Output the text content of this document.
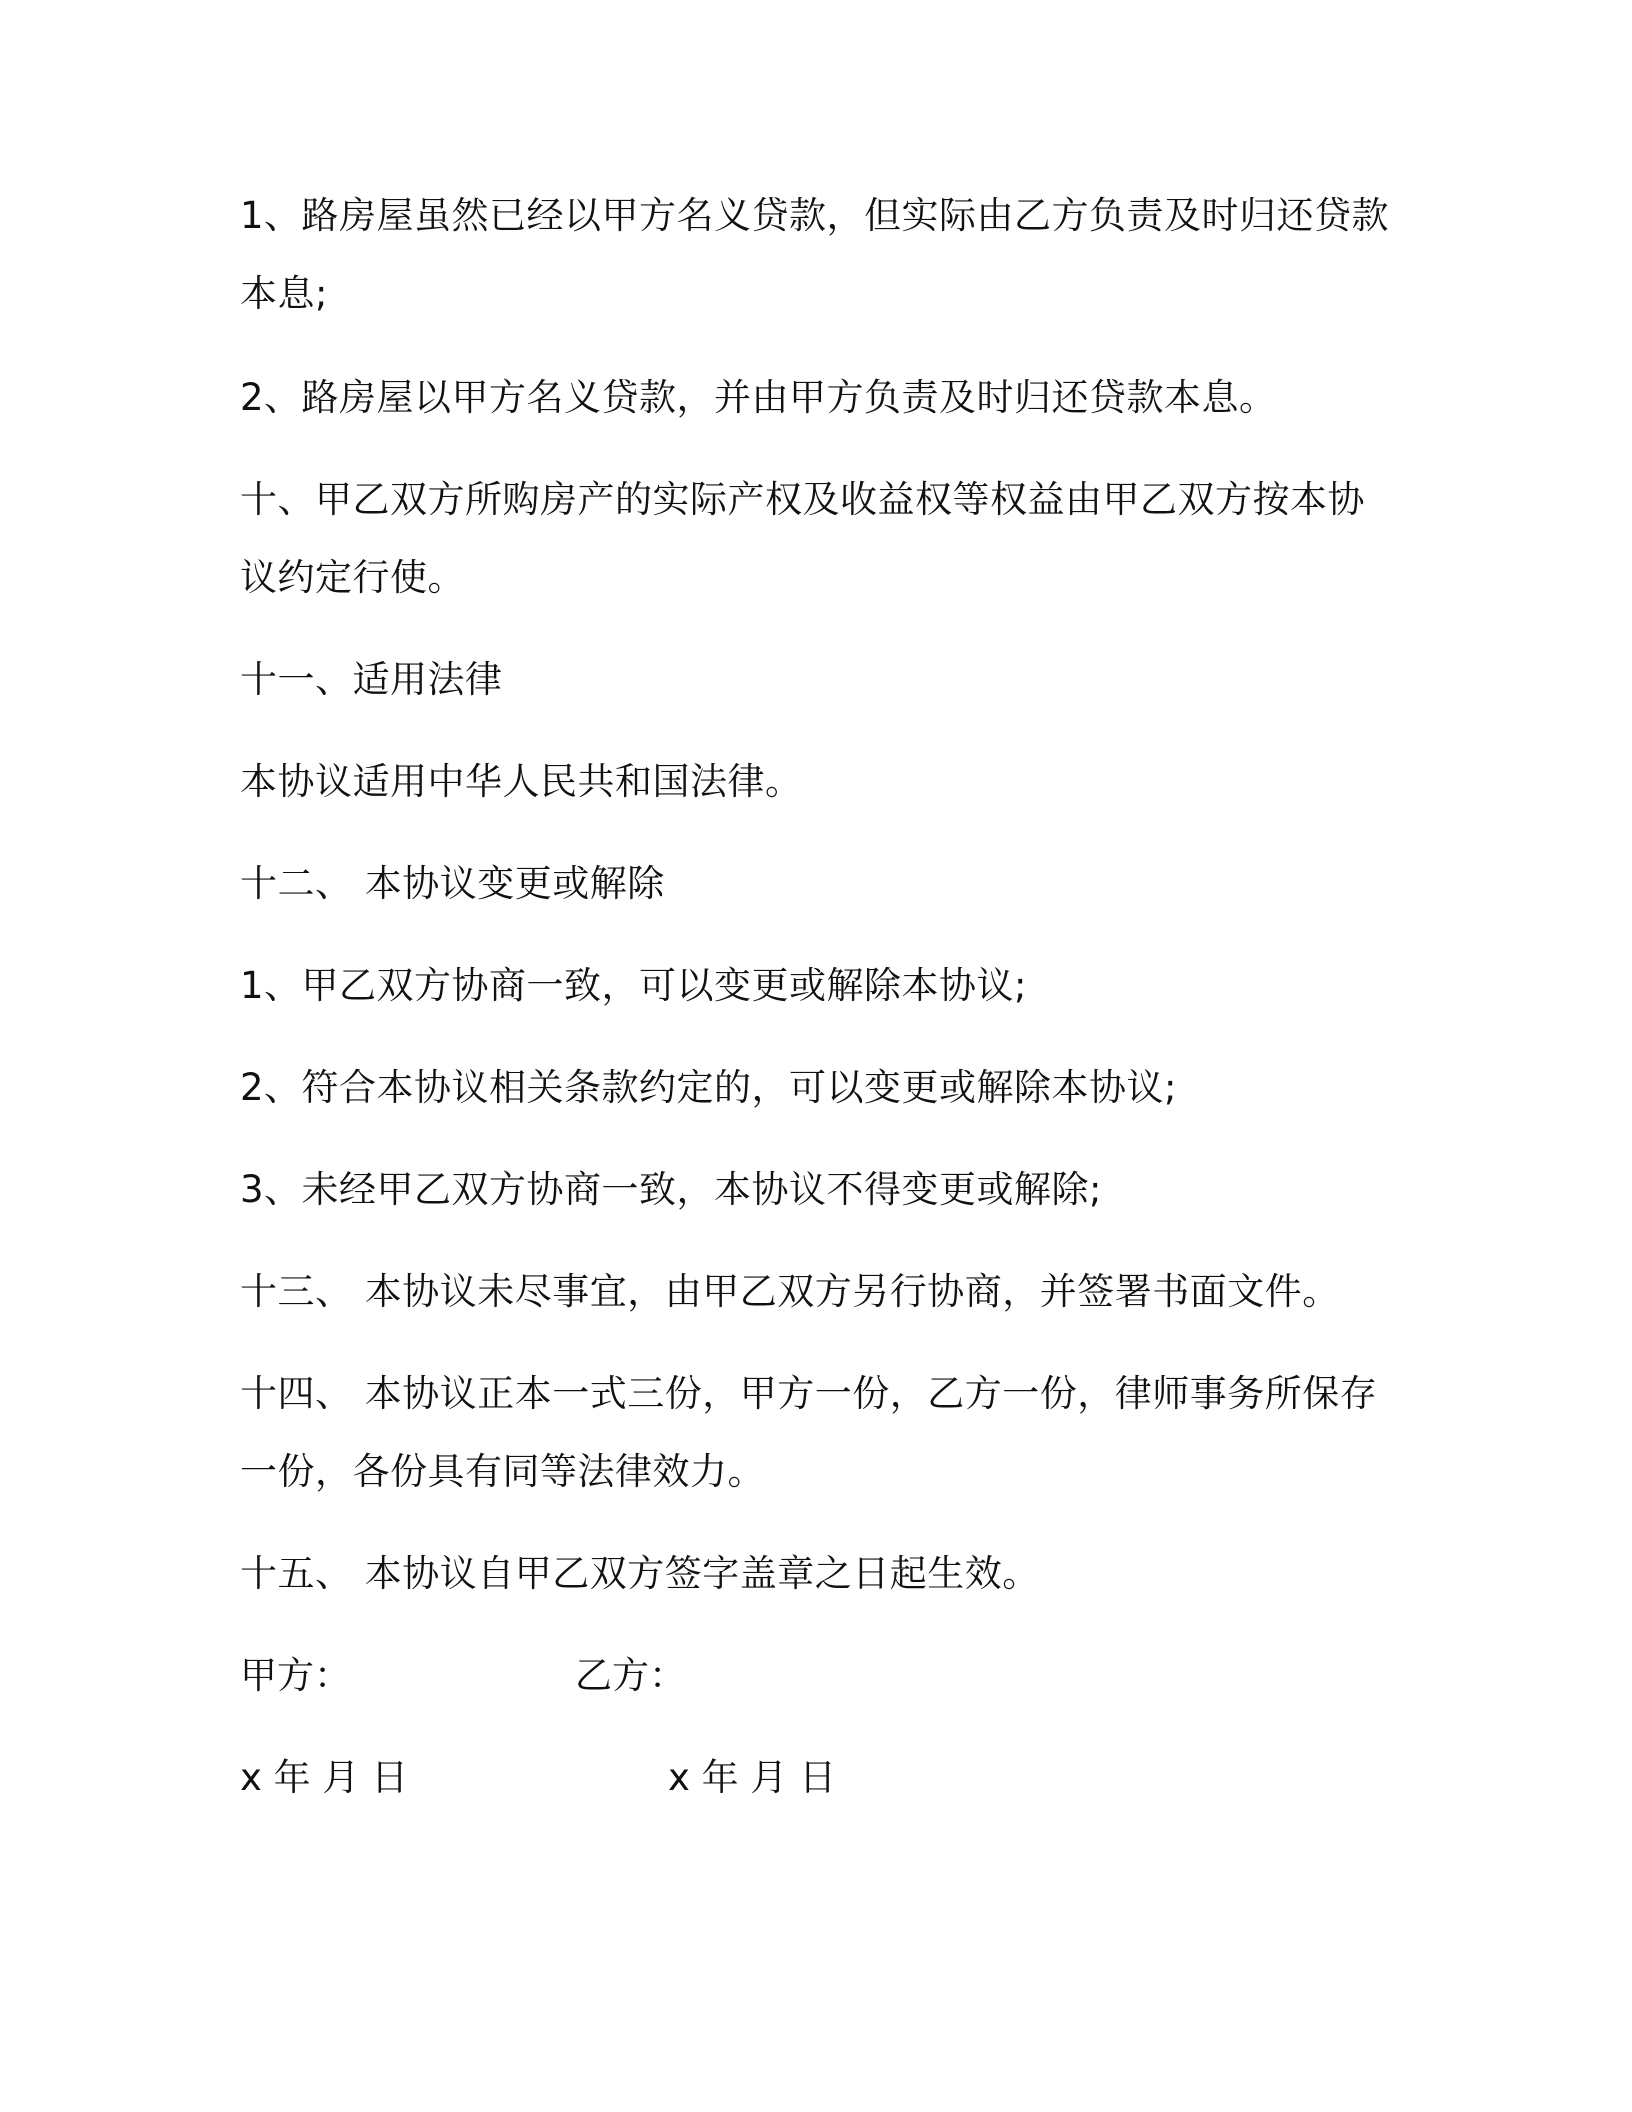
1、路房屋虽然已经以甲方名义贷款，但实际由乙方负责及时归还贷款
本息;
2、路房屋以甲方名义贷款，并由甲方负责及时归还贷款本息。
十、甲乙双方所购房产的实际产权及收益权等权益由甲乙双方按本协
议约定行使。
十一、适用法律
本协议适用中华人民共和国法律。
十二、 本协议变更或解除
1、甲乙双方协商一致，可以变更或解除本协议;
2、符合本协议相关条款约定的，可以变更或解除本协议;
3、未经甲乙双方协商一致，本协议不得变更或解除;
十三、 本协议未尽事宜，由甲乙双方另行协商，并签署书面文件。
十四、 本协议正本一式三份，甲方一份，乙方一份，律师事务所保存
一份，各份具有同等法律效力。
十五、 本协议自甲乙双方签字盖章之日起生效。
甲方：	乙方：
x 年 月 日	x 年 月 日
